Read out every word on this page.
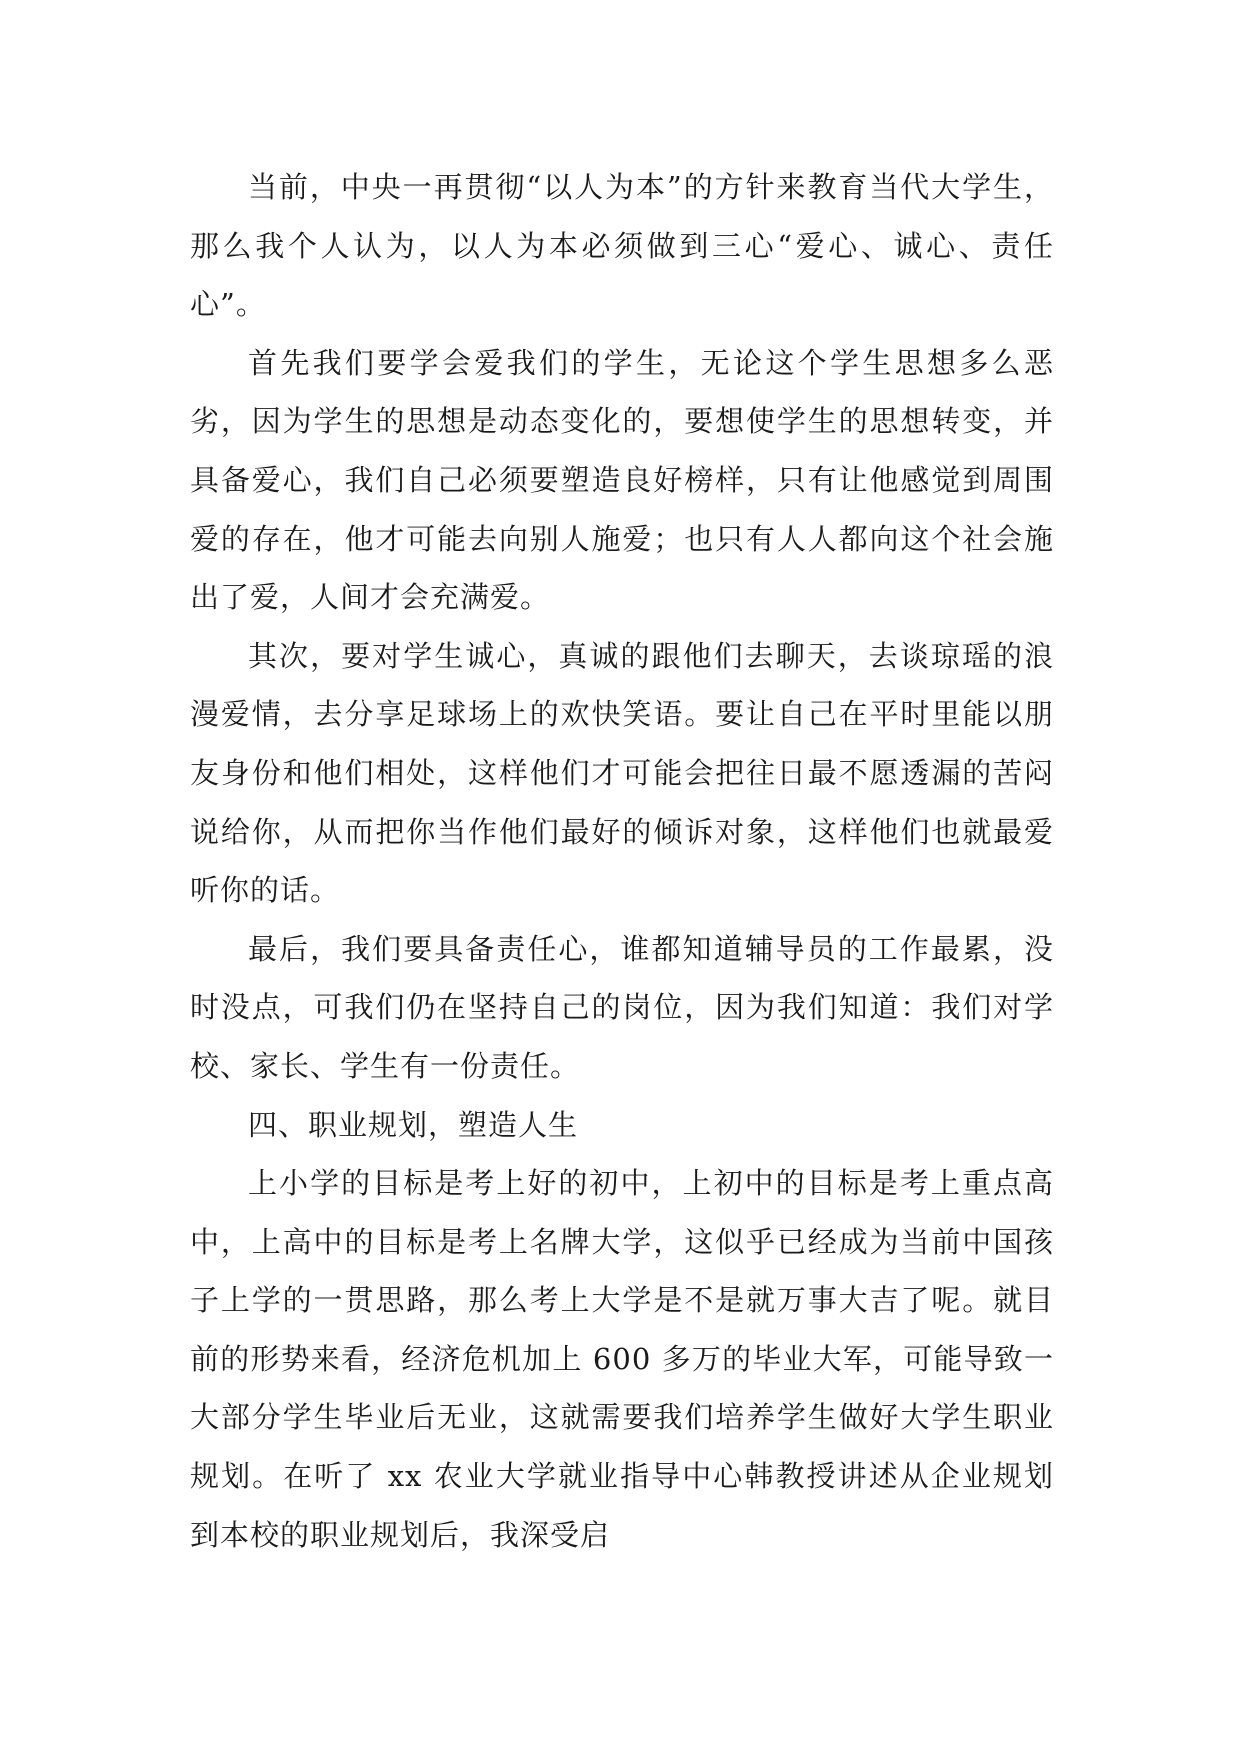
当前，中央一再贯彻“以人为本”的方针来教育当代大学生，那么我个人认为，以人为本必须做到三心“爱心、诚心、责任心”。

首先我们要学会爱我们的学生，无论这个学生思想多么恶劣，因为学生的思想是动态变化的，要想使学生的思想转变，并具备爱心，我们自己必须要塑造良好榜样，只有让他感觉到周围爱的存在，他才可能去向别人施爱；也只有人人都向这个社会施出了爱，人间才会充满爱。

其次，要对学生诚心，真诚的跟他们去聊天，去谈琼瑶的浪漫爱情，去分享足球场上的欢快笑语。要让自己在平时里能以朋友身份和他们相处，这样他们才可能会把往日最不愿透漏的苦闷说给你，从而把你当作他们最好的倾诉对象，这样他们也就最爱听你的话。

最后，我们要具备责任心，谁都知道辅导员的工作最累，没时没点，可我们仍在坚持自己的岗位，因为我们知道：我们对学校、家长、学生有一份责任。

四、职业规划，塑造人生

上小学的目标是考上好的初中，上初中的目标是考上重点高中，上高中的目标是考上名牌大学，这似乎已经成为当前中国孩子上学的一贯思路，那么考上大学是不是就万事大吉了呢。就目前的形势来看，经济危机加上 600 多万的毕业大军，可能导致一大部分学生毕业后无业，这就需要我们培养学生做好大学生职业规划。在听了 xx 农业大学就业指导中心韩教授讲述从企业规划到本校的职业规划后，我深受启
